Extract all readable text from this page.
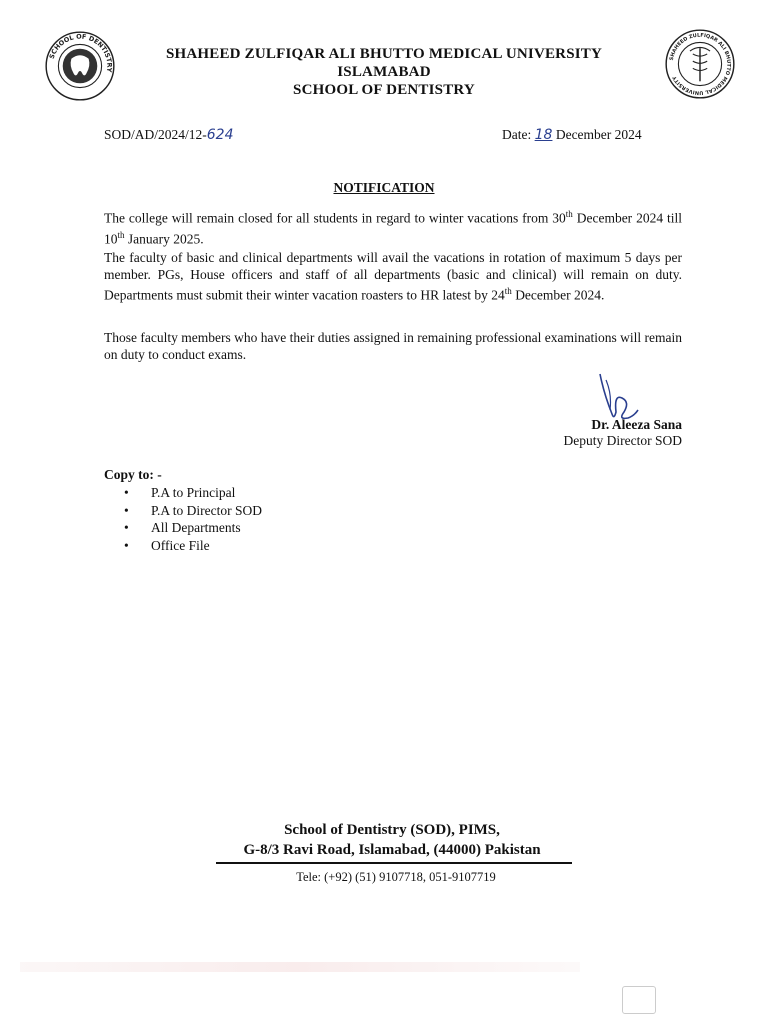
SCHOOL OF DENTISTRY
SHAHEED ZULFIQAR ALI BHUTTO MEDICAL UNIVERSITY
SHAHEED ZULFIQAR ALI BHUTTO MEDICAL UNIVERSITY
ISLAMABAD
SCHOOL OF DENTISTRY
SOD/AD/2024/12-624	Date: 18 December 2024
NOTIFICATION

The college will remain closed for all students in regard to winter vacations from 30th December 2024 till 10th January 2025.

The faculty of basic and clinical departments will avail the vacations in rotation of maximum 5 days per member. PGs, House officers and staff of all departments (basic and clinical) will remain on duty. Departments must submit their winter vacation roasters to HR latest by 24th December 2024.

Those faculty members who have their duties assigned in remaining professional examinations will remain on duty to conduct exams.

Dr. Aleeza Sana
Deputy Director SOD
Copy to: -
• P.A to Principal
• P.A to Director SOD
• All Departments
• Office File
School of Dentistry (SOD), PIMS,
G-8/3 Ravi Road, Islamabad, (44000) Pakistan
Tele: (+92) (51) 9107718, 051-9107719
